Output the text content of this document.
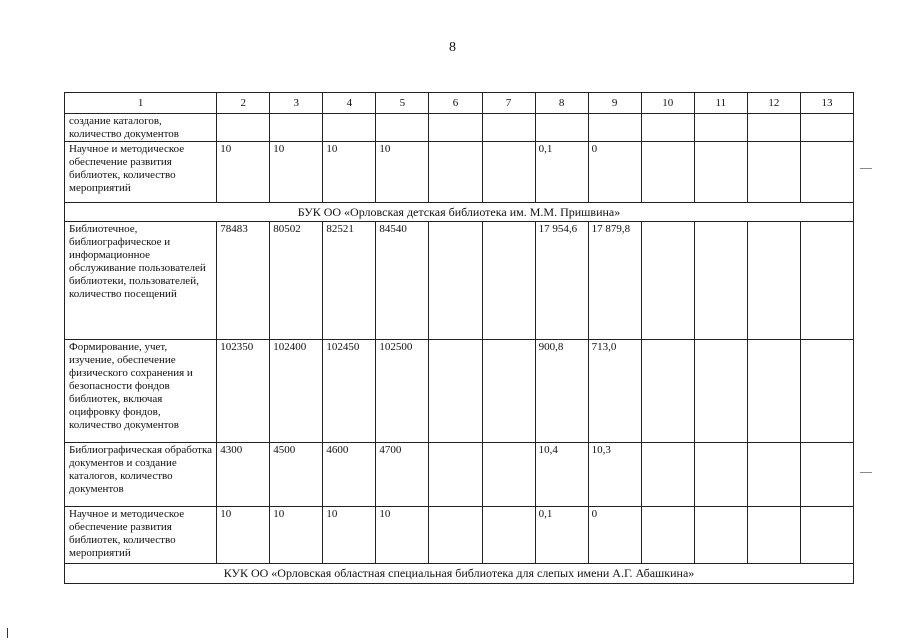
8
1	2	3	4	5	6	7	8	9	10	11	12	13
создание каталогов, количество документов												
Научное и методическое обеспечение развития библиотек, количество мероприятий	10	10	10	10			0,1	0				
БУК ОО «Орловская детская библиотека им. М.М. Пришвина»												
Библиотечное, библиографическое и информационное обслуживание пользователей библиотеки, пользователей, количество посещений	78483	80502	82521	84540			17 954,6	17 879,8				
Формирование, учет, изучение, обеспечение физического сохранения и безопасности фондов библиотек, включая оцифровку фондов, количество документов	102350	102400	102450	102500			900,8	713,0				
Библиографическая обработка документов и создание каталогов, количество документов	4300	4500	4600	4700			10,4	10,3				
Научное и методическое обеспечение развития библиотек, количество мероприятий	10	10	10	10			0,1	0				
КУК ОО «Орловская областная специальная библиотека для слепых имени А.Г. Абашкина»												
